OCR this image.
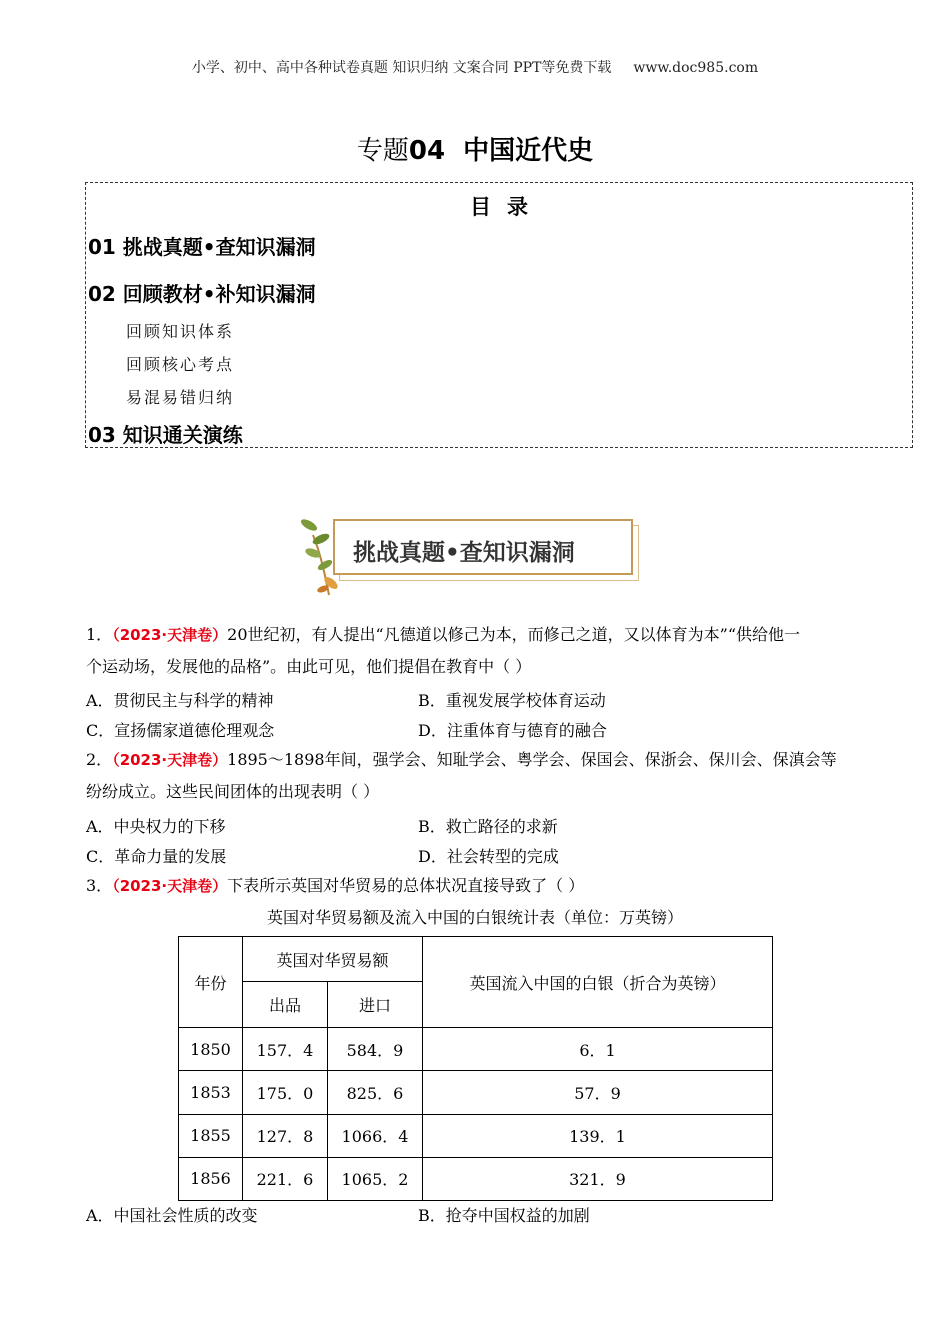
小学、初中、高中各种试卷真题 知识归纳 文案合同 PPT等免费下载 www.doc985.com
专题04 中国近代史
目录
01 挑战真题•查知识漏洞
02 回顾教材•补知识漏洞
回顾知识体系
回顾核心考点
易混易错归纳
03 知识通关演练
挑战真题•查知识漏洞
1．（2023·天津卷）20世纪初，有人提出“凡德道以修己为本，而修己之道，又以体育为本”“供给他一
个运动场，发展他的品格”。由此可见，他们提倡在教育中（ ）
A．贯彻民主与科学的精神	B．重视发展学校体育运动
C．宣扬儒家道德伦理观念	D．注重体育与德育的融合
2．（2023·天津卷）1895～1898年间，强学会、知耻学会、粤学会、保国会、保浙会、保川会、保滇会等
纷纷成立。这些民间团体的出现表明（ ）
A．中央权力的下移	B．救亡路径的求新
C．革命力量的发展	D．社会转型的完成
3．（2023·天津卷）下表所示英国对华贸易的总体状况直接导致了（ ）
英国对华贸易额及流入中国的白银统计表（单位：万英镑）
年份	英国对华贸易额		英国流入中国的白银（折合为英镑）
	出品	进口	
1850	157．4	584．9	6．1
1853	175．0	825．6	57．9
1855	127．8	1066．4	139．1
1856	221．6	1065．2	321．9
A．中国社会性质的改变	B．抢夺中国权益的加剧
